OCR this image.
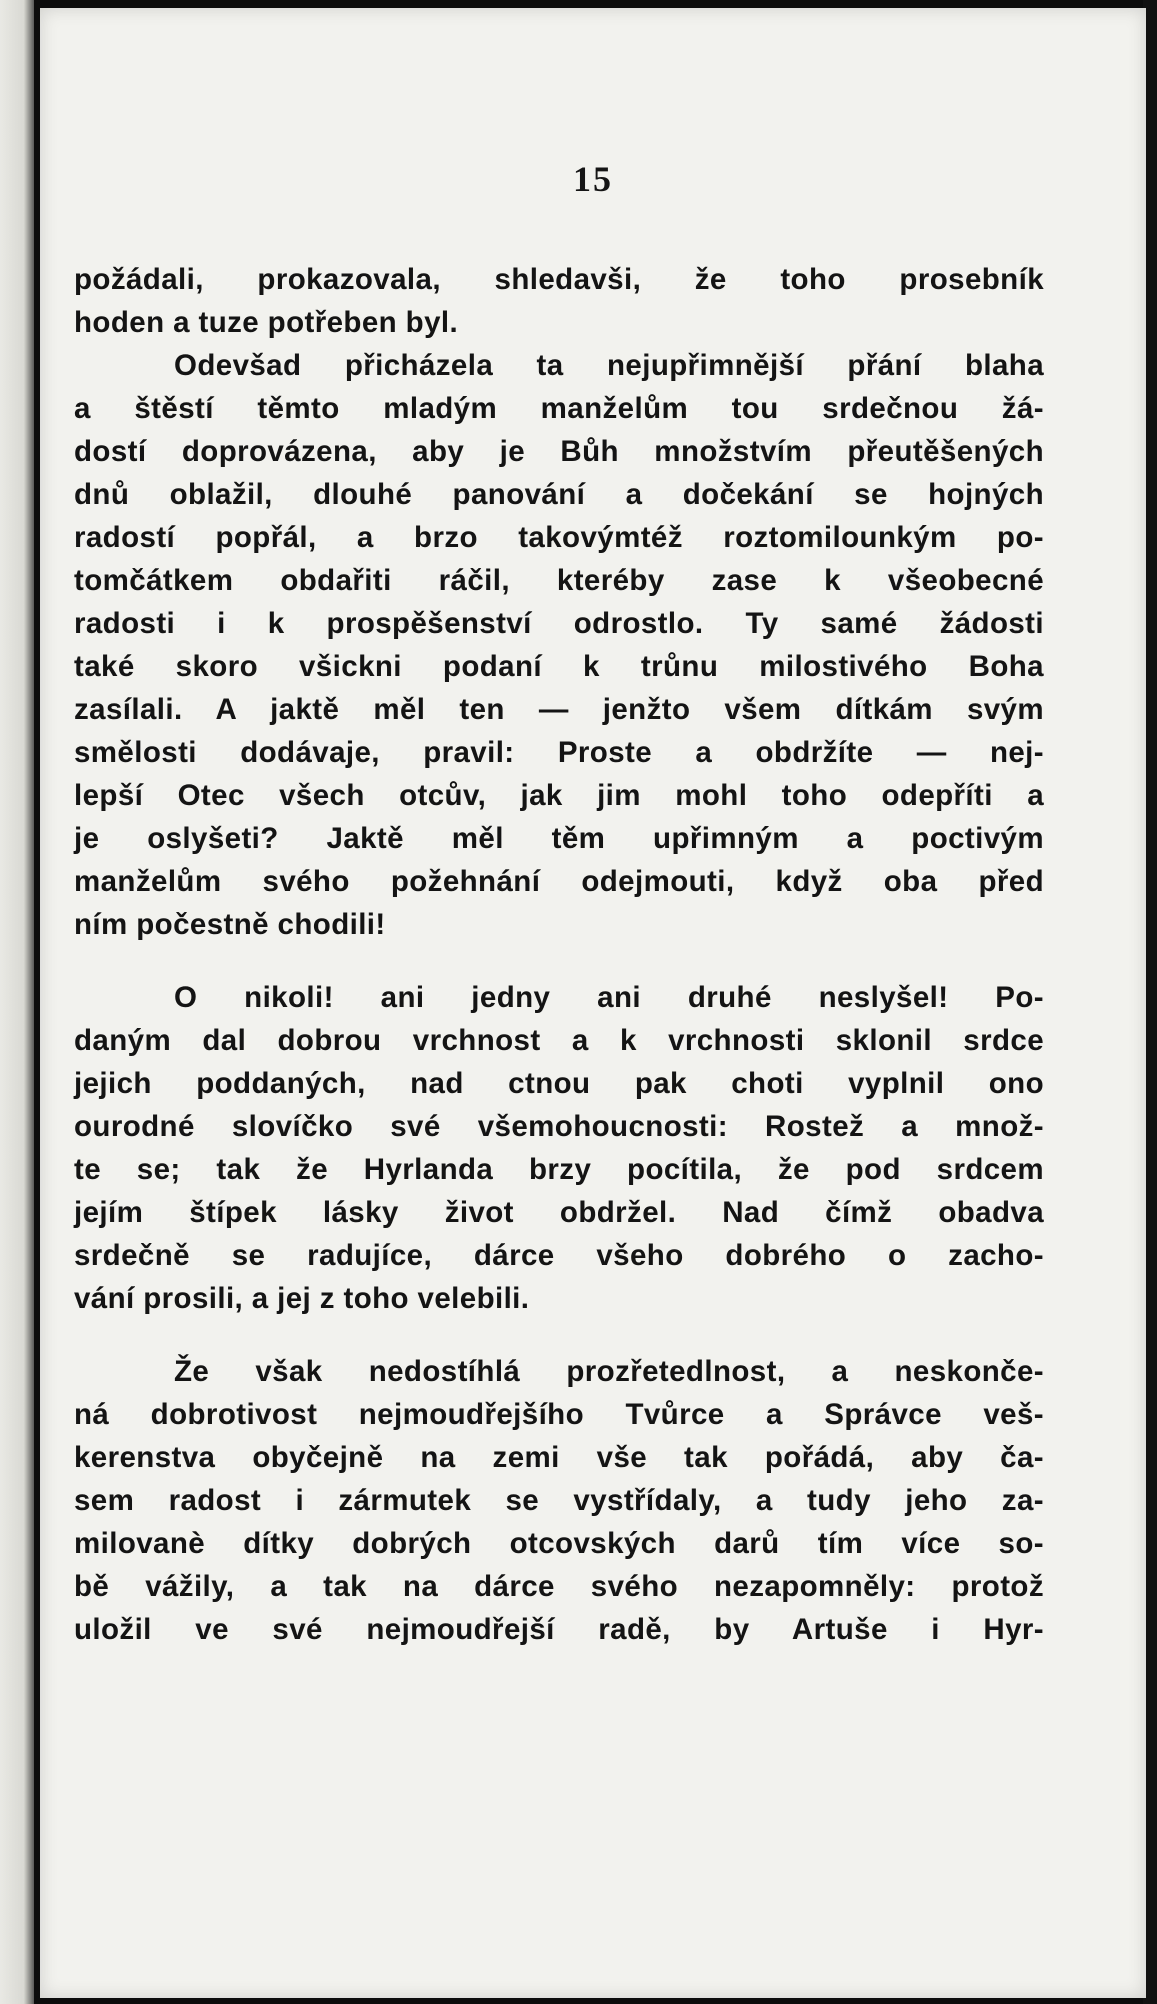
15
požádali, prokazovala, shledavši, že toho prosebník
hoden a tuze potřeben byl.
Odevšad přicházela ta nejupřimnější přání blaha
a štěstí těmto mladým manželům tou srdečnou žá-
dostí doprovázena, aby je Bůh množstvím přeutěšených
dnů oblažil, dlouhé panování a dočekání se hojných
radostí popřál, a brzo takovýmtéž roztomilounkým po-
tomčátkem obdařiti ráčil, kteréby zase k všeobecné
radosti i k prospěšenství odrostlo. Ty samé žádosti
také skoro všickni podaní k trůnu milostivého Boha
zasílali. A jaktě měl ten — jenžto všem dítkám svým
smělosti dodávaje, pravil: Proste a obdržíte — nej-
lepší Otec všech otcův, jak jim mohl toho odepříti a
je oslyšeti? Jaktě měl těm upřimným a poctivým
manželům svého požehnání odejmouti, když oba před
ním počestně chodili!
O nikoli! ani jedny ani druhé neslyšel! Po-
daným dal dobrou vrchnost a k vrchnosti sklonil srdce
jejich poddaných, nad ctnou pak choti vyplnil ono
ourodné slovíčko své všemohoucnosti: Rostež a množ-
te se; tak že Hyrlanda brzy pocítila, že pod srdcem
jejím štípek lásky život obdržel. Nad čímž obadva
srdečně se radujíce, dárce všeho dobrého o zacho-
vání prosili, a jej z toho velebili.
Že však nedostíhlá prozřetedlnost, a neskonče-
ná dobrotivost nejmoudřejšího Tvůrce a Správce veš-
kerenstva obyčejně na zemi vše tak pořádá, aby ča-
sem radost i zármutek se vystřídaly, a tudy jeho za-
milovanè dítky dobrých otcovských darů tím více so-
bě vážily, a tak na dárce svého nezapomněly: protož
uložil ve své nejmoudřejší radě, by Artuše i Hyr-
